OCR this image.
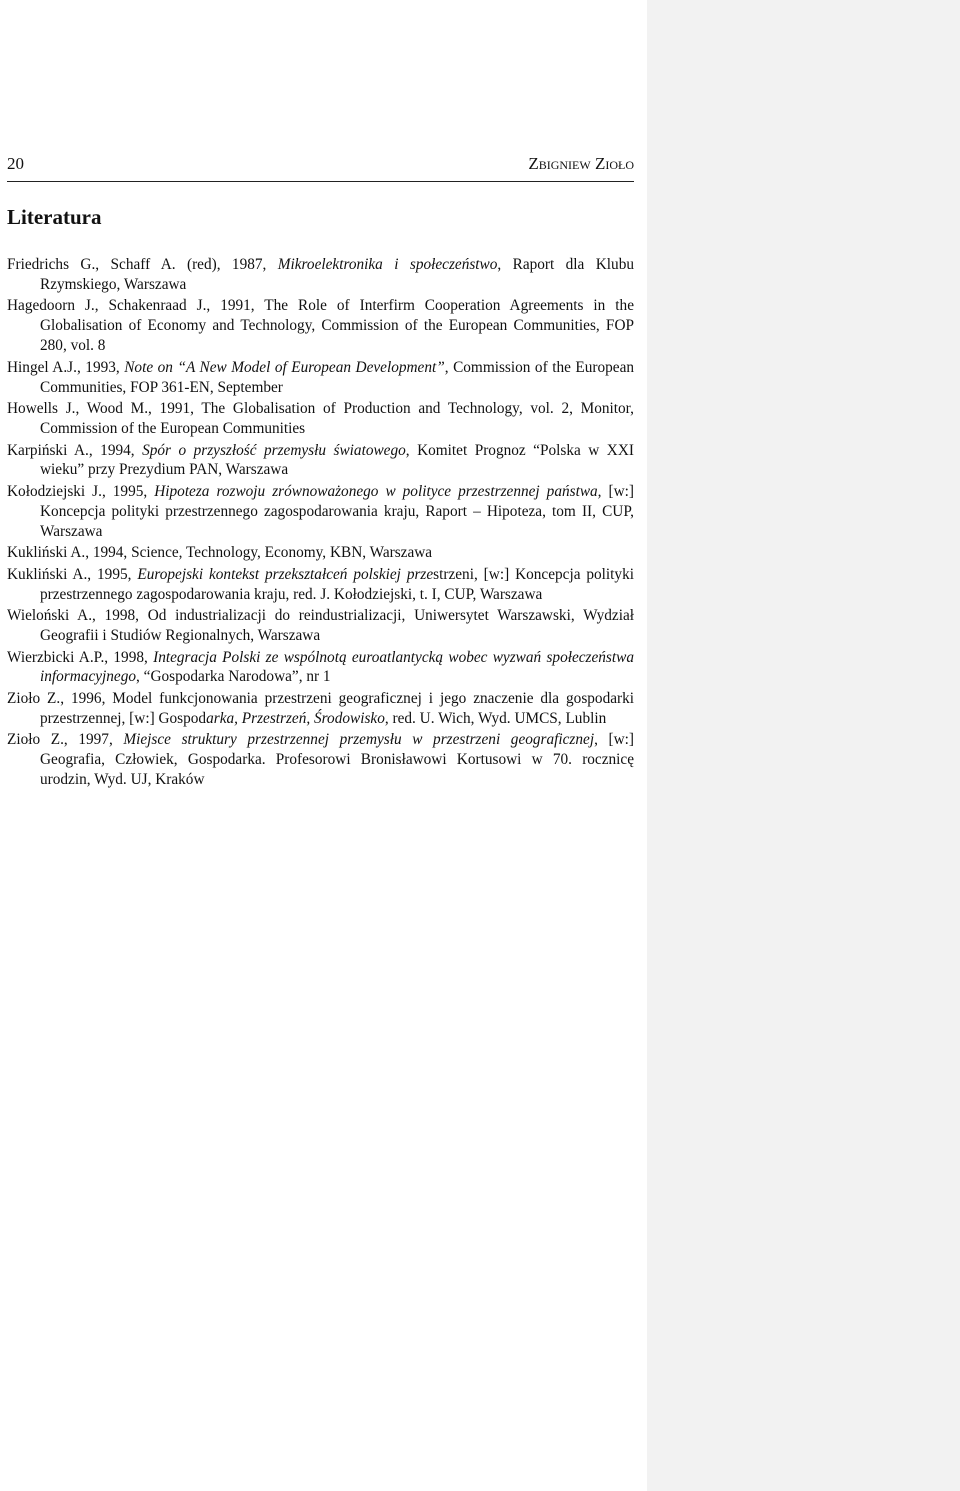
20	Zbigniew Zioło
Literatura
Friedrichs G., Schaff A. (red), 1987, Mikroelektronika i społeczeństwo, Raport dla Klubu Rzymskiego, Warszawa
Hagedoorn J., Schakenraad J., 1991, The Role of Interfirm Cooperation Agreements in the Globalisation of Economy and Technology, Commission of the European Communities, FOP 280, vol. 8
Hingel A.J., 1993, Note on “A New Model of European Development”, Commission of the European Communities, FOP 361-EN, September
Howells J., Wood M., 1991, The Globalisation of Production and Technology, vol. 2, Monitor, Commission of the European Communities
Karpiński A., 1994, Spór o przyszłość przemysłu światowego, Komitet Prognoz “Polska w XXI wieku” przy Prezydium PAN, Warszawa
Kołodziejski J., 1995, Hipoteza rozwoju zrównoważonego w polityce przestrzennej państwa, [w:] Koncepcja polityki przestrzennego zagospodarowania kraju, Raport – Hipoteza, tom II, CUP, Warszawa
Kukliński A., 1994, Science, Technology, Economy, KBN, Warszawa
Kukliński A., 1995, Europejski kontekst przekształceń polskiej przestrzeni, [w:] Koncepcja polityki przestrzennego zagospodarowania kraju, red. J. Kołodziejski, t. I, CUP, Warszawa
Wieloński A., 1998, Od industrializacji do reindustrializacji, Uniwersytet Warszawski, Wydział Geografii i Studiów Regionalnych, Warszawa
Wierzbicki A.P., 1998, Integracja Polski ze wspólnotą euroatlantycką wobec wyzwań społeczeństwa informacyjnego, “Gospodarka Narodowa”, nr 1
Zioło Z., 1996, Model funkcjonowania przestrzeni geograficznej i jego znaczenie dla gospodarki przestrzennej, [w:] Gospodarka, Przestrzeń, Środowisko, red. U. Wich, Wyd. UMCS, Lublin
Zioło Z., 1997, Miejsce struktury przestrzennej przemysłu w przestrzeni geograficznej, [w:] Geografia, Człowiek, Gospodarka. Profesorowi Bronisławowi Kortusowi w 70. rocznicę urodzin, Wyd. UJ, Kraków
